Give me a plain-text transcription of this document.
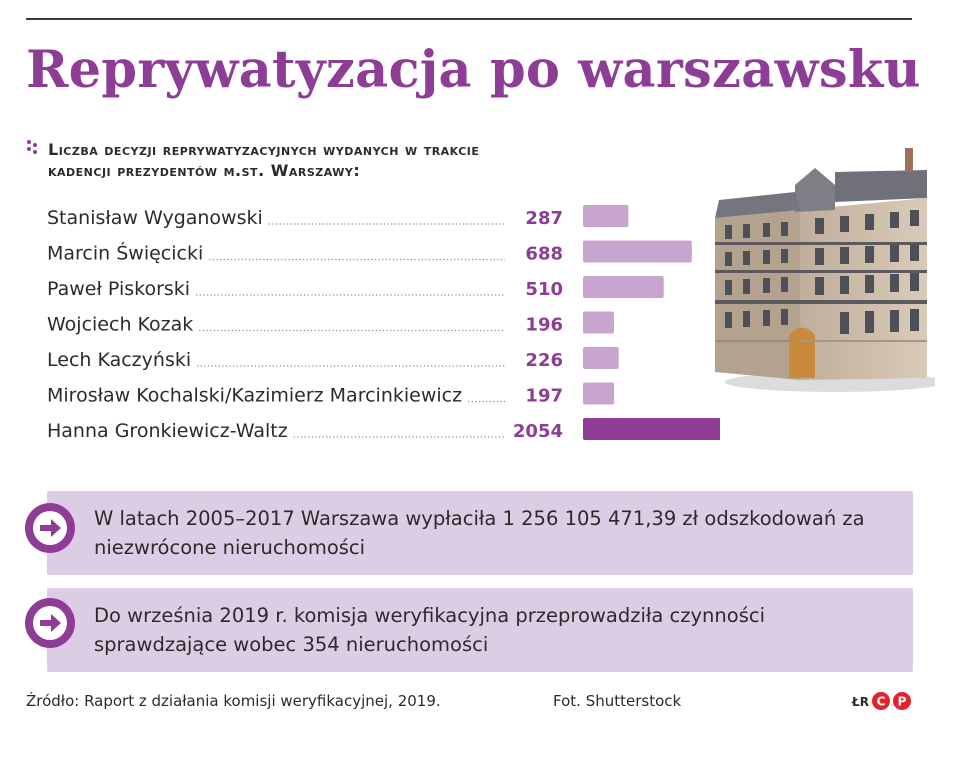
Reprywatyzacja po warszawsku
Liczba decyzji reprywatyzacyjnych wydanych w trakcie
kadencji prezydentów m.st. Warszawy:
Stanisław Wyganowski	287
Marcin Święcicki	688
Paweł Piskorski	510
Wojciech Kozak	196
Lech Kaczyński	226
Mirosław Kochalski/Kazimierz Marcinkiewicz	197
Hanna Gronkiewicz-Waltz	2054
W latach 2005–2017 Warszawa wypłaciła 1 256 105 471,39 zł odszkodowań za niezwrócone nieruchomości
Do września 2019 r. komisja weryfikacyjna przeprowadziła czynności sprawdzające wobec 354 nieruchomości
Źródło: Raport z działania komisji weryfikacyjnej, 2019.	Fot. Shutterstock	ŁR C P
